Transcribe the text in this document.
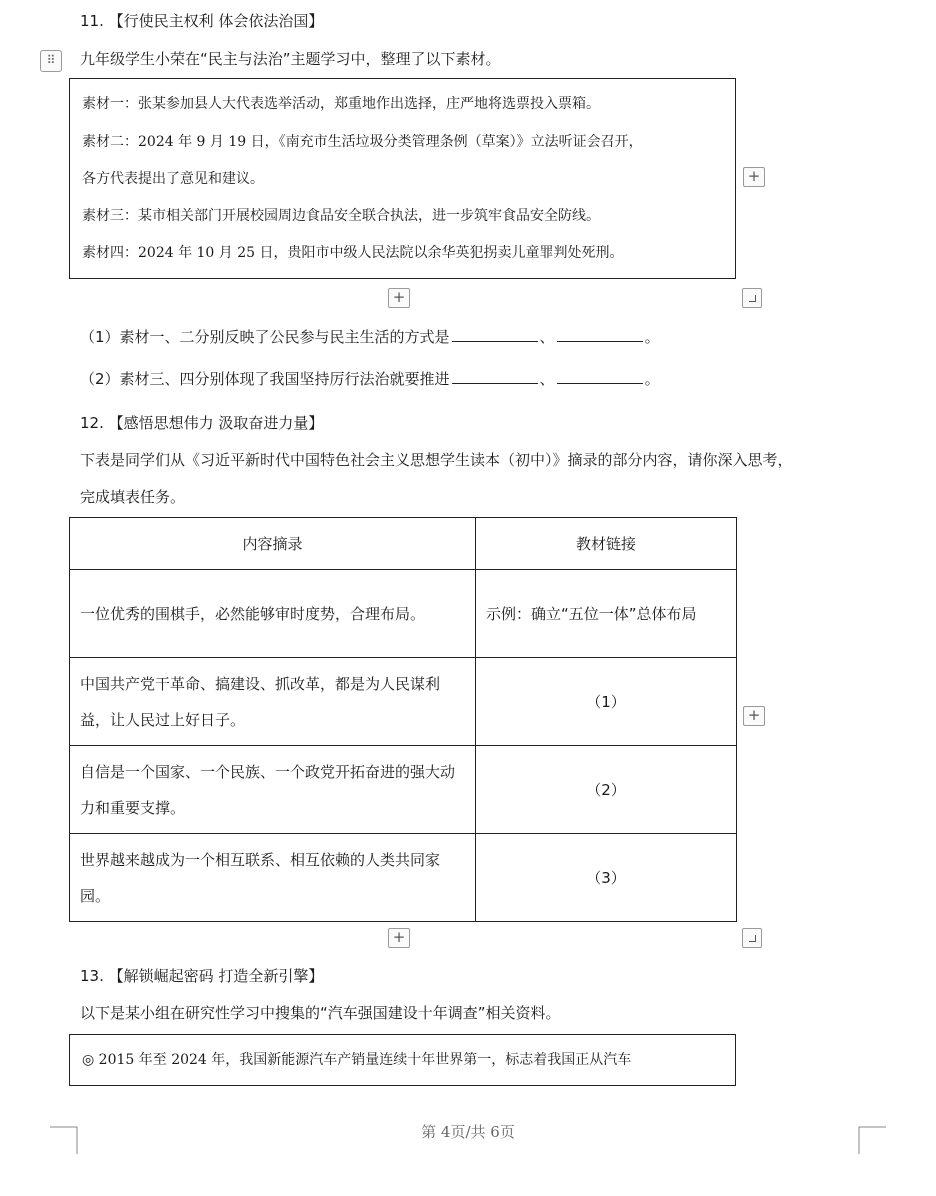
11. 【行使民主权利 体会依法治国】
⠿	九年级学生小荣在“民主与法治”主题学习中，整理了以下素材。
素材一：张某参加县人大代表选举活动，郑重地作出选择，庄严地将选票投入票箱。
素材二：2024 年 9 月 19 日，《南充市生活垃圾分类管理条例（草案）》立法听证会召开，
各方代表提出了意见和建议。
素材三：某市相关部门开展校园周边食品安全联合执法，进一步筑牢食品安全防线。
素材四：2024 年 10 月 25 日，贵阳市中级人民法院以余华英犯拐卖儿童罪判处死刑。
+
+
（1）素材一、二分别反映了公民参与民主生活的方式是	、	。
（2）素材三、四分别体现了我国坚持厉行法治就要推进	、	。
12. 【感悟思想伟力 汲取奋进力量】
下表是同学们从《习近平新时代中国特色社会主义思想学生读本（初中）》摘录的部分内容，请你深入思考，
完成填表任务。
内容摘录	教材链接
一位优秀的围棋手，必然能够审时度势，合理布局。	示例：确立“五位一体”总体布局
中国共产党干革命、搞建设、抓改革，都是为人民谋利益，让人民过上好日子。	（1）
自信是一个国家、一个民族、一个政党开拓奋进的强大动力和重要支撑。	（2）
世界越来越成为一个相互联系、相互依赖的人类共同家园。	（3）
+
+
13. 【解锁崛起密码 打造全新引擎】
以下是某小组在研究性学习中搜集的“汽车强国建设十年调查”相关资料。
◎ 2015 年至 2024 年，我国新能源汽车产销量连续十年世界第一，标志着我国正从汽车
第 4页/共 6页
